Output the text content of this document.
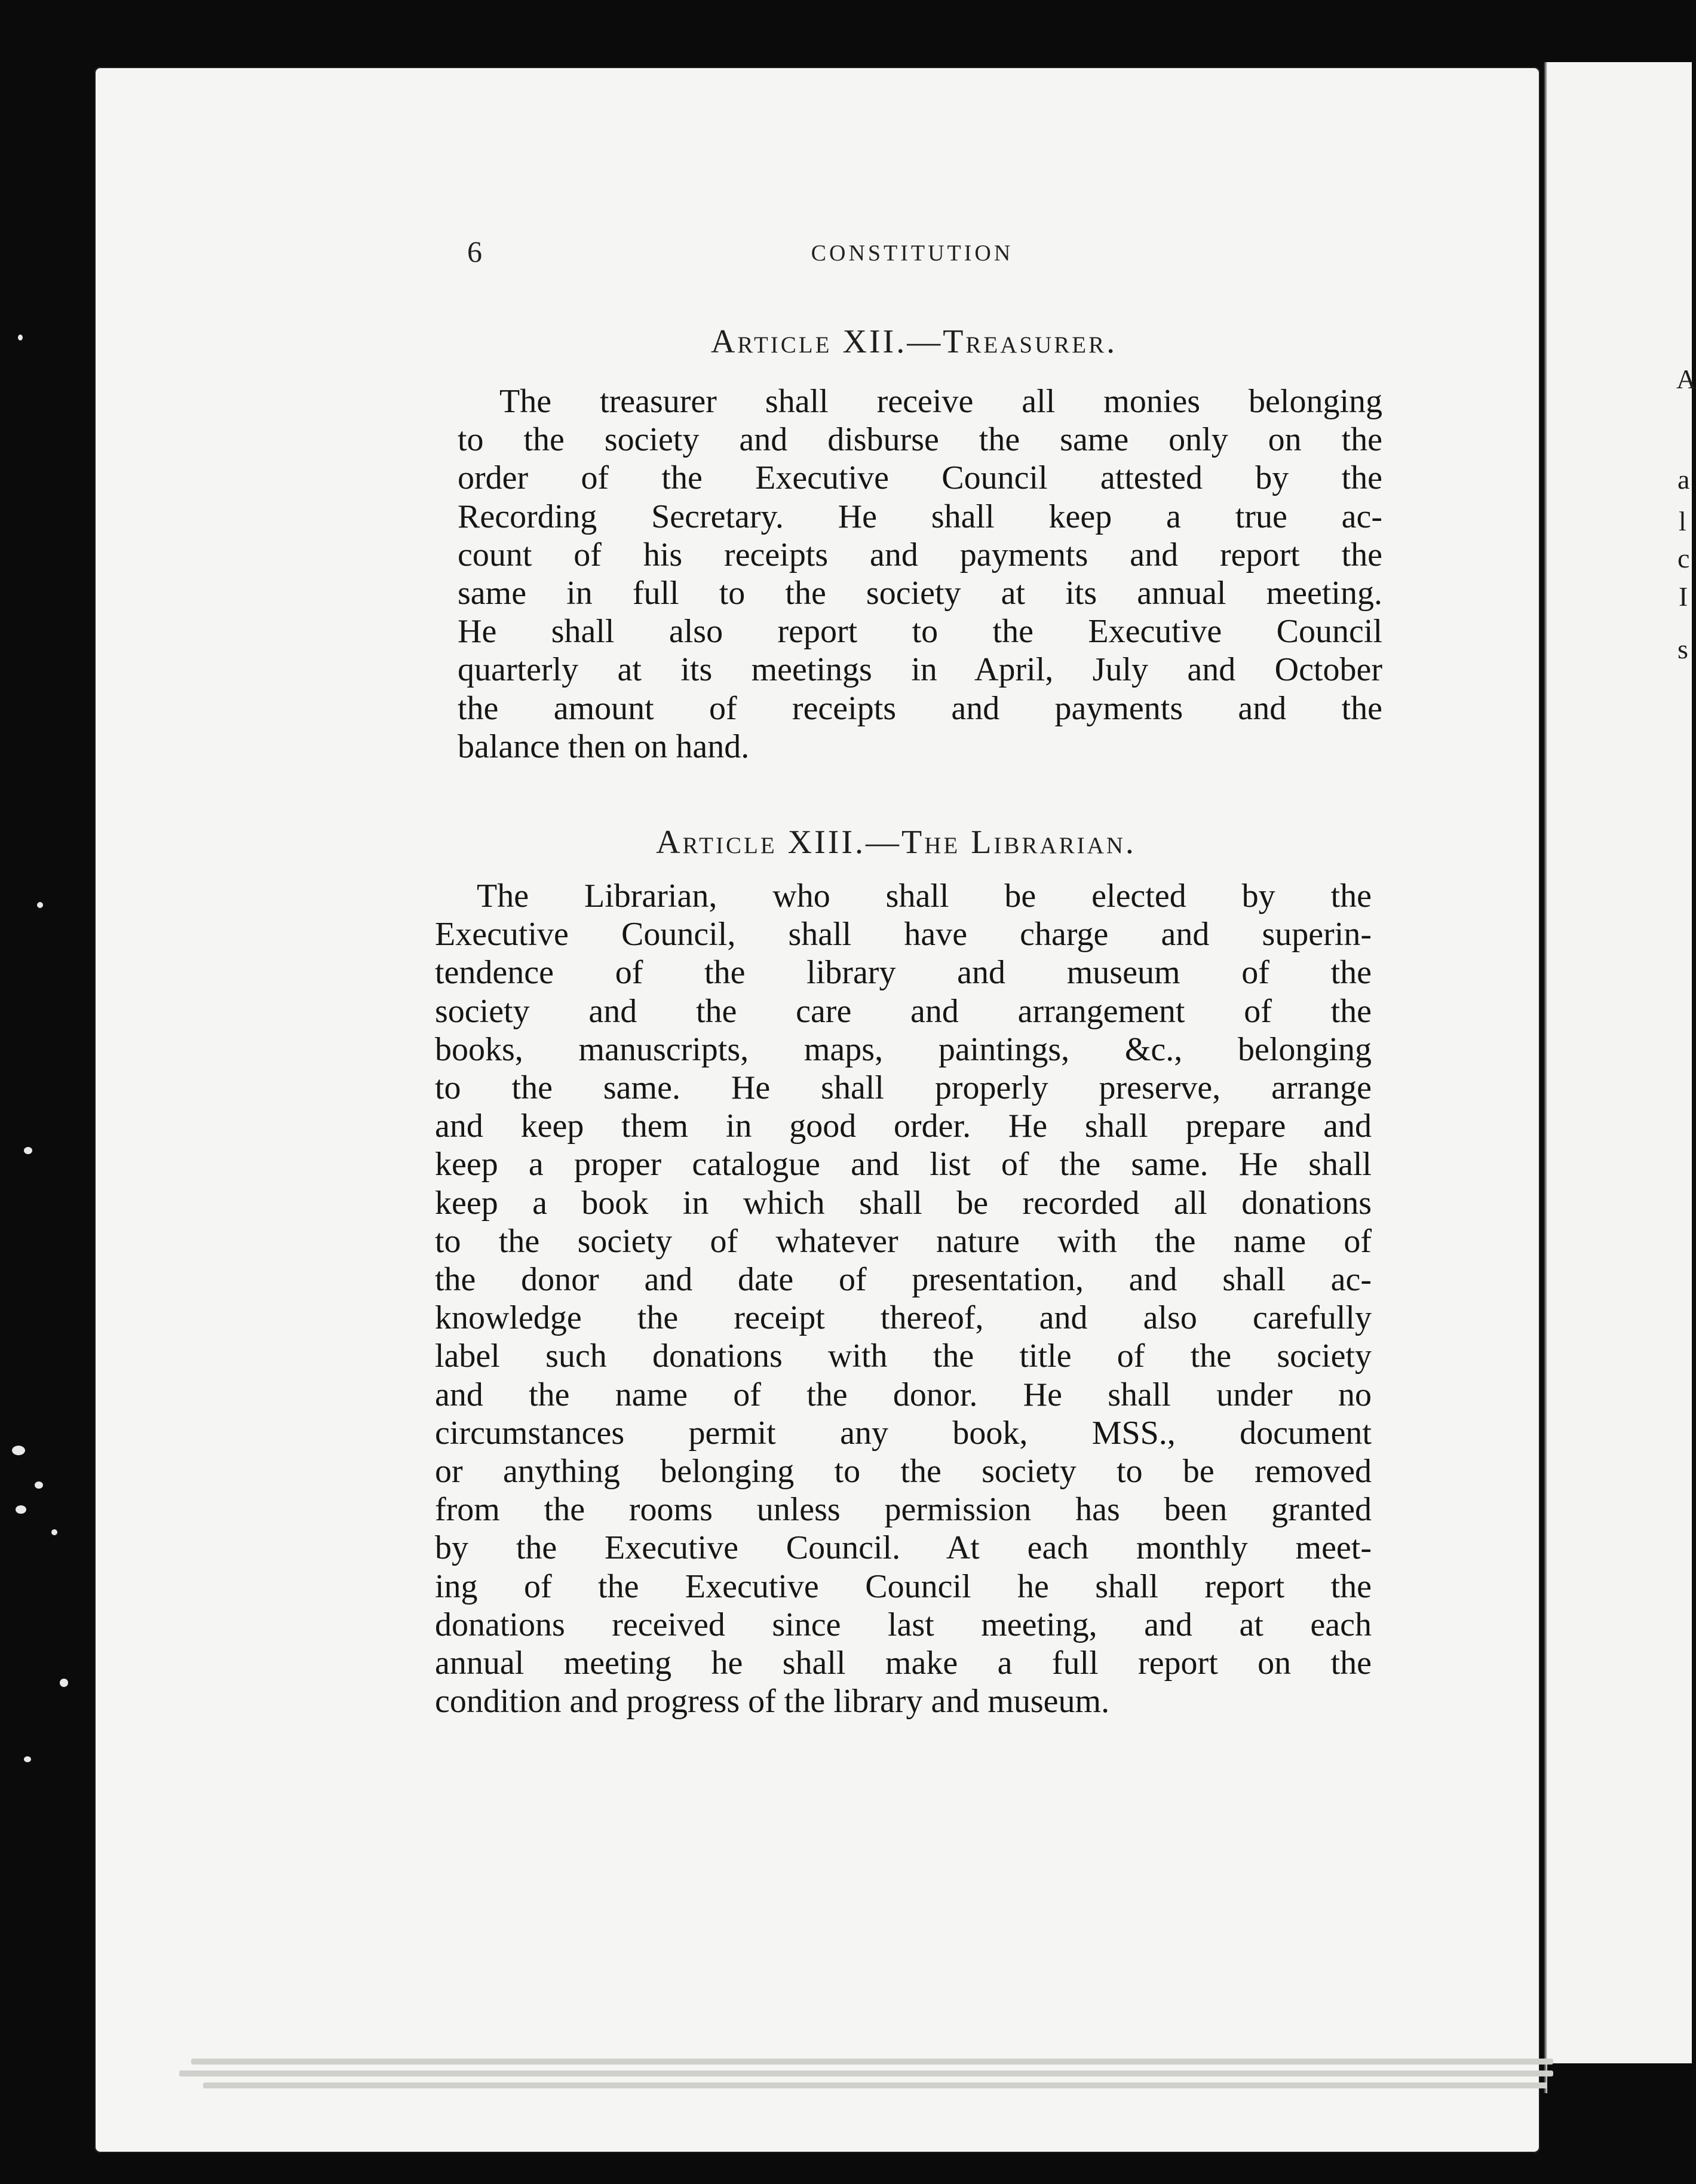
A
a
l
c
I
s
6	CONSTITUTION
Article XII.—Treasurer.
The treasurer shall receive all monies belonging
to the society and disburse the same only on the
order of the Executive Council attested by the
Recording Secretary. He shall keep a true ac-
count of his receipts and payments and report the
same in full to the society at its annual meeting.
He shall also report to the Executive Council
quarterly at its meetings in April, July and October
the amount of receipts and payments and the
balance then on hand.
Article XIII.—The Librarian.
The Librarian, who shall be elected by the
Executive Council, shall have charge and superin-
tendence of the library and museum of the
society and the care and arrangement of the
books, manuscripts, maps, paintings, &c., belonging
to the same. He shall properly preserve, arrange
and keep them in good order. He shall prepare and
keep a proper catalogue and list of the same. He shall
keep a book in which shall be recorded all donations
to the society of whatever nature with the name of
the donor and date of presentation, and shall ac-
knowledge the receipt thereof, and also carefully
label such donations with the title of the society
and the name of the donor. He shall under no
circumstances permit any book, MSS., document
or anything belonging to the society to be removed
from the rooms unless permission has been granted
by the Executive Council. At each monthly meet-
ing of the Executive Council he shall report the
donations received since last meeting, and at each
annual meeting he shall make a full report on the
condition and progress of the library and museum.
